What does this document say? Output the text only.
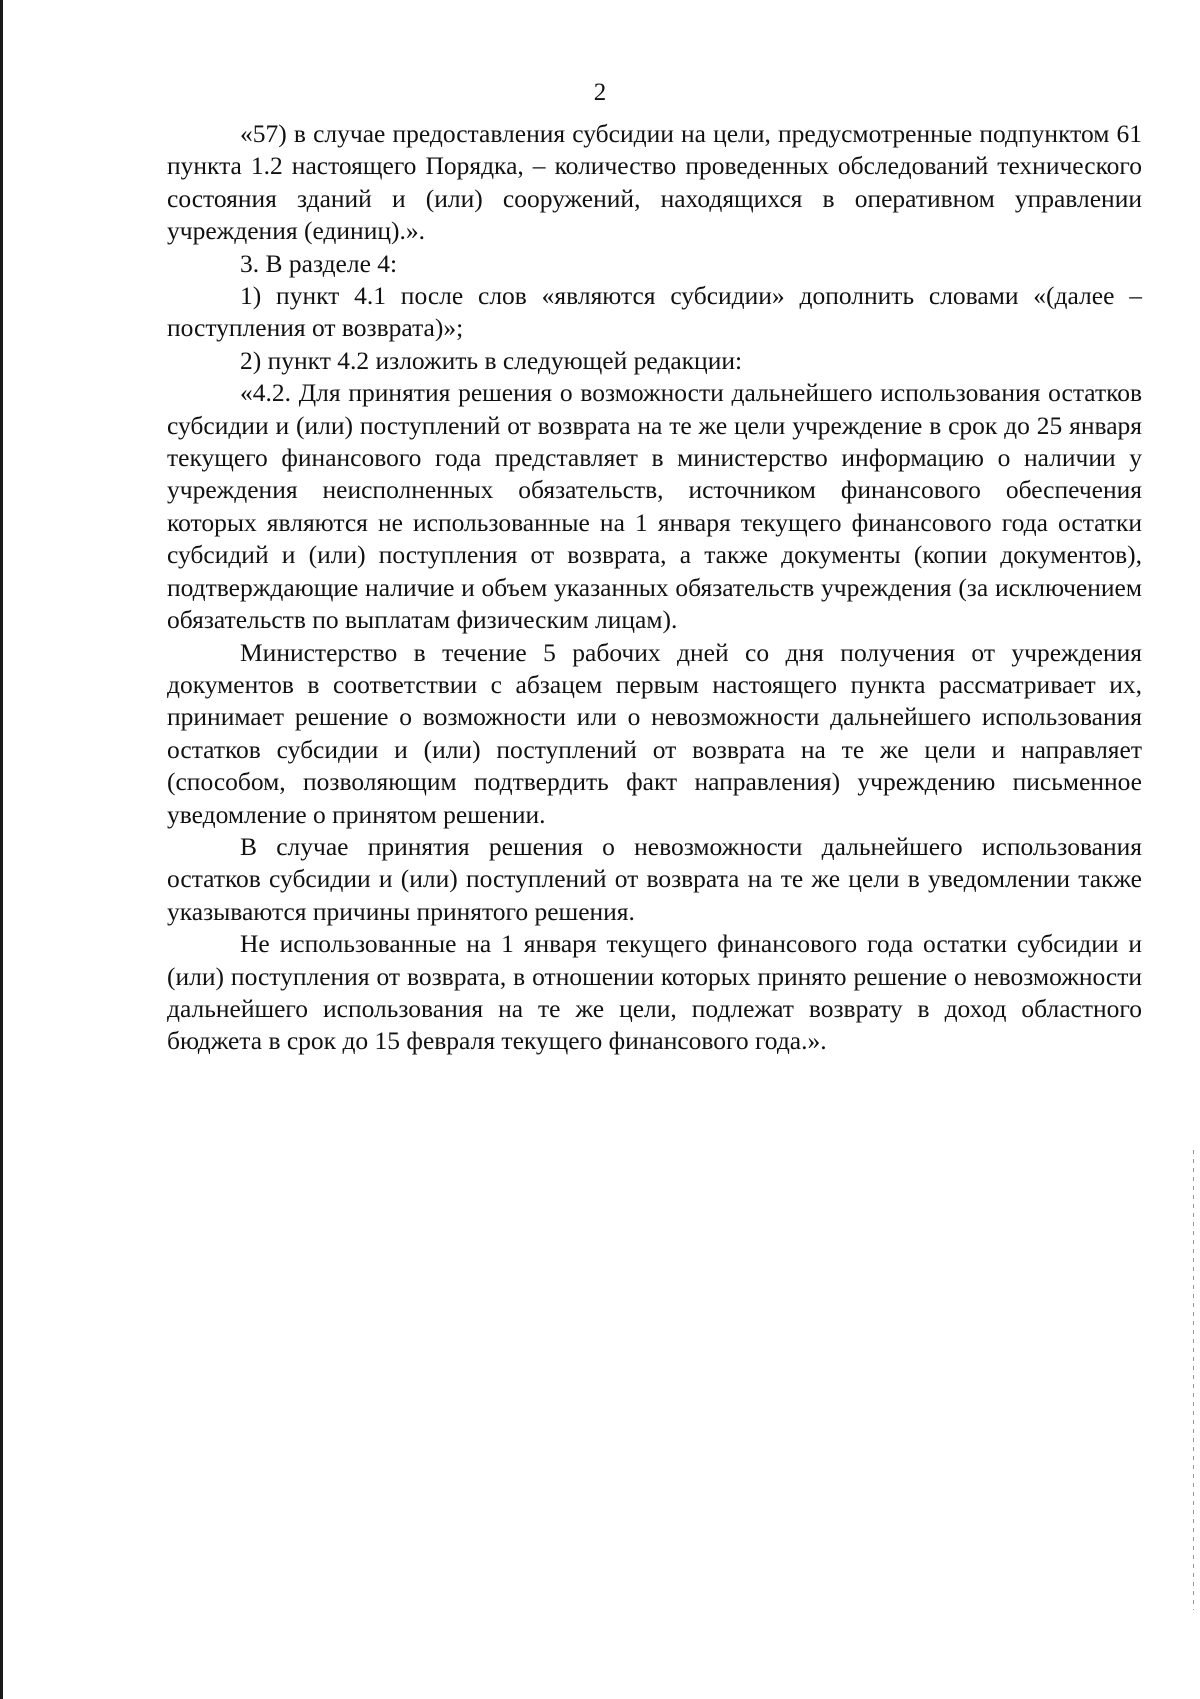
2

«57) в случае предоставления субсидии на цели, предусмотренные подпунктом 61 пункта 1.2 настоящего Порядка, – количество проведенных обследований технического состояния зданий и (или) сооружений, находящихся в оперативном управлении учреждения (единиц).».

3. В разделе 4:

1) пункт 4.1 после слов «являются субсидии» дополнить словами «(далее – поступления от возврата)»;

2) пункт 4.2 изложить в следующей редакции:

«4.2. Для принятия решения о возможности дальнейшего использования остатков субсидии и (или) поступлений от возврата на те же цели учреждение в срок до 25 января текущего финансового года представляет в министерство информацию о наличии у учреждения неисполненных обязательств, источником финансового обеспечения которых являются не использованные на 1 января текущего финансового года остатки субсидий и (или) поступления от возврата, а также документы (копии документов), подтверждающие наличие и объем указанных обязательств учреждения (за исключением обязательств по выплатам физическим лицам).

Министерство в течение 5 рабочих дней со дня получения от учреждения документов в соответствии с абзацем первым настоящего пункта рассматривает их, принимает решение о возможности или о невозможности дальнейшего использования остатков субсидии и (или) поступлений от возврата на те же цели и направляет (способом, позволяющим подтвердить факт направления) учреждению письменное уведомление о принятом решении.

В случае принятия решения о невозможности дальнейшего использования остатков субсидии и (или) поступлений от возврата на те же цели в уведомлении также указываются причины принятого решения.

Не использованные на 1 января текущего финансового года остатки субсидии и (или) поступления от возврата, в отношении которых принято решение о невозможности дальнейшего использования на те же цели, подлежат возврату в доход областного бюджета в срок до 15 февраля текущего финансового года.».
